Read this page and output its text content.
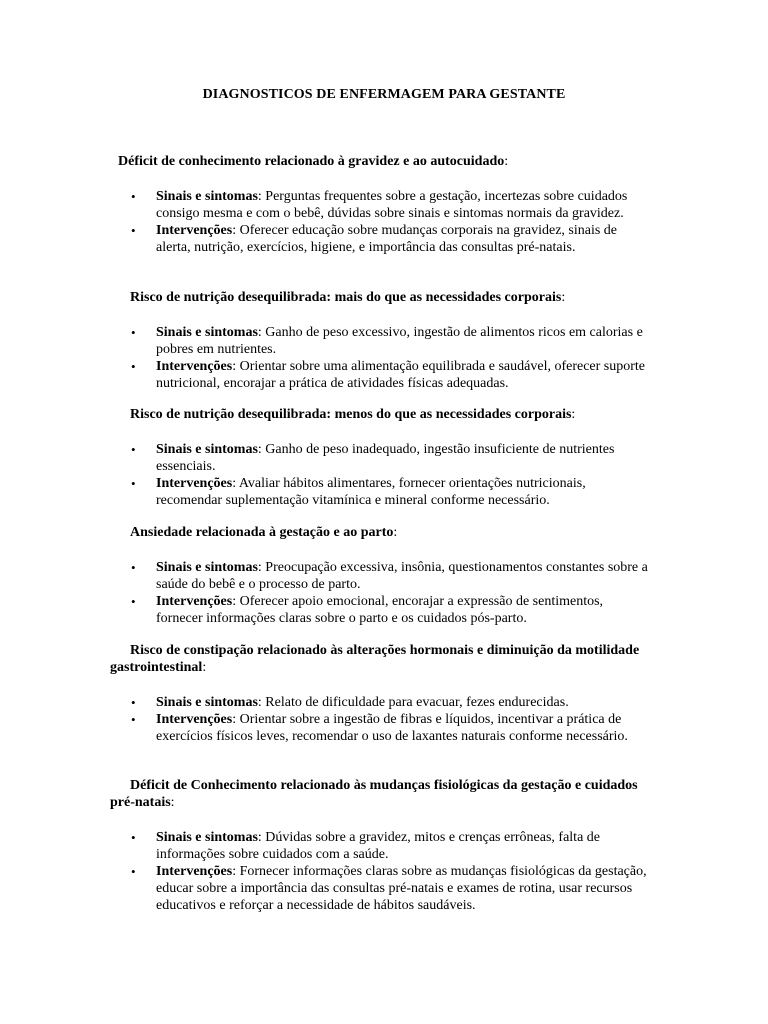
DIAGNOSTICOS DE ENFERMAGEM PARA GESTANTE

Déficit de conhecimento relacionado à gravidez e ao autocuidado:

• Sinais e sintomas: Perguntas frequentes sobre a gestação, incertezas sobre cuidados consigo mesma e com o bebê, dúvidas sobre sinais e sintomas normais da gravidez.
• Intervenções: Oferecer educação sobre mudanças corporais na gravidez, sinais de alerta, nutrição, exercícios, higiene, e importância das consultas pré-natais.

Risco de nutrição desequilibrada: mais do que as necessidades corporais:

• Sinais e sintomas: Ganho de peso excessivo, ingestão de alimentos ricos em calorias e pobres em nutrientes.
• Intervenções: Orientar sobre uma alimentação equilibrada e saudável, oferecer suporte nutricional, encorajar a prática de atividades físicas adequadas.

Risco de nutrição desequilibrada: menos do que as necessidades corporais:

• Sinais e sintomas: Ganho de peso inadequado, ingestão insuficiente de nutrientes essenciais.
• Intervenções: Avaliar hábitos alimentares, fornecer orientações nutricionais, recomendar suplementação vitamínica e mineral conforme necessário.

Ansiedade relacionada à gestação e ao parto:

• Sinais e sintomas: Preocupação excessiva, insônia, questionamentos constantes sobre a saúde do bebê e o processo de parto.
• Intervenções: Oferecer apoio emocional, encorajar a expressão de sentimentos, fornecer informações claras sobre o parto e os cuidados pós-parto.

Risco de constipação relacionado às alterações hormonais e diminuição da motilidade gastrointestinal:

• Sinais e sintomas: Relato de dificuldade para evacuar, fezes endurecidas.
• Intervenções: Orientar sobre a ingestão de fibras e líquidos, incentivar a prática de exercícios físicos leves, recomendar o uso de laxantes naturais conforme necessário.

Déficit de Conhecimento relacionado às mudanças fisiológicas da gestação e cuidados pré-natais:

• Sinais e sintomas: Dúvidas sobre a gravidez, mitos e crenças errôneas, falta de informações sobre cuidados com a saúde.
• Intervenções: Fornecer informações claras sobre as mudanças fisiológicas da gestação, educar sobre a importância das consultas pré-natais e exames de rotina, usar recursos educativos e reforçar a necessidade de hábitos saudáveis.
